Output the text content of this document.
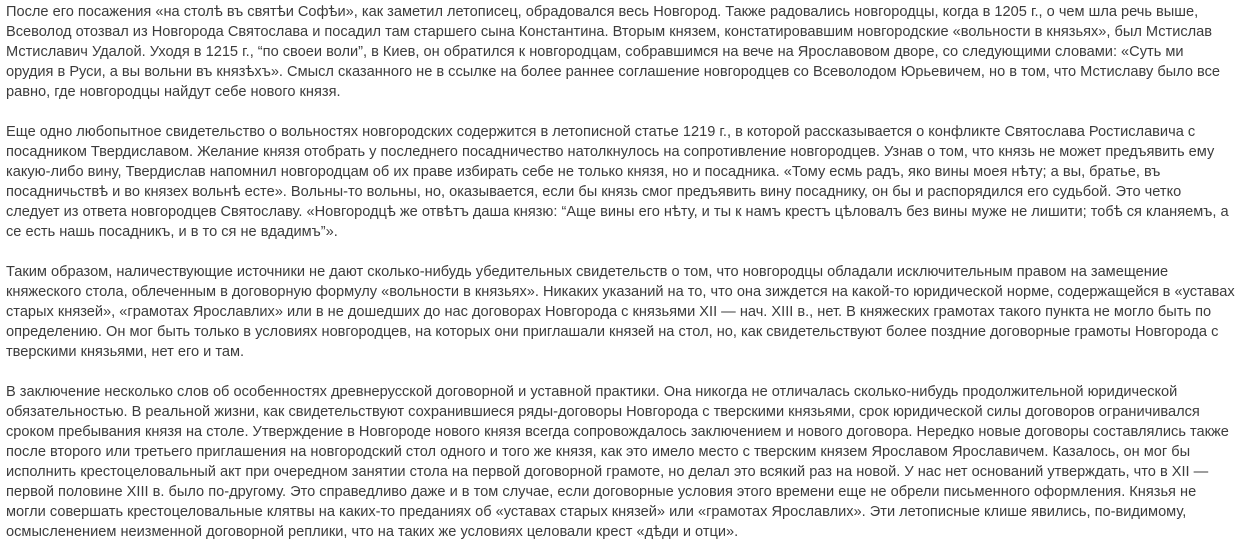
После его посажения «на столѣ въ святѣи Софѣи», как заметил летописец, обрадовался весь Новгород. Также радовались новгородцы, когда в 1205 г., о чем шла речь выше, Всеволод отозвал из Новгорода Святослава и посадил там старшего сына Константина. Вторым князем, констатировавшим новгородские «вольности в князьях», был Мстислав Мстиславич Удалой. Уходя в 1215 г., “по своеи воли”, в Киев, он обратился к новгородцам, собравшимся на вече на Ярославовом дворе, со следующими словами: «Суть ми орудия в Руси, а вы вольни въ князѣхъ». Смысл сказанного не в ссылке на более раннее соглашение новгородцев со Всеволодом Юрьевичем, но в том, что Мстиславу было все равно, где новгородцы найдут себе нового князя.

Еще одно любопытное свидетельство о вольностях новгородских содержится в летописной статье 1219 г., в которой рассказывается о конфликте Святослава Ростиславича с посадником Твердиславом. Желание князя отобрать у последнего посадничество натолкнулось на сопротивление новгородцев. Узнав о том, что князь не может предъявить ему какую-либо вину, Твердислав напомнил новгородцам об их праве избирать себе не только князя, но и посадника. «Тому есмь радъ, яко вины моея нѣту; а вы, братье, въ посадничьствѣ и во князех вольнѣ есте». Вольны-то вольны, но, оказывается, если бы князь смог предъявить вину посаднику, он бы и распорядился его судьбой. Это четко следует из ответа новгородцев Святославу. «Новгородцѣ же отвѣтъ даша князю: “Аще вины его нѣту, и ты к намъ крестъ цѣловалъ без вины муже не лишити; тобѣ ся кланяемъ, а се есть нашь посадникъ, и в то ся не вдадимъ”».

Таким образом, наличествующие источники не дают сколько-нибудь убедительных свидетельств о том, что новгородцы обладали исключительным правом на замещение княжеского стола, облеченным в договорную формулу «вольности в князьях». Никаких указаний на то, что она зиждется на какой-то юридической норме, содержащейся в «уставах старых князей», «грамотах Ярославлих» или в не дошедших до нас договорах Новгорода с князьями XII — нач. XIII в., нет. В княжеских грамотах такого пункта не могло быть по определению. Он мог быть только в условиях новгородцев, на которых они приглашали князей на стол, но, как свидетельствуют более поздние договорные грамоты Новгорода с тверскими князьями, нет его и там.

В заключение несколько слов об особенностях древнерусской договорной и уставной практики. Она никогда не отличалась сколько-нибудь продолжительной юридической обязательностью. В реальной жизни, как свидетельствуют сохранившиеся ряды-договоры Новгорода с тверскими князьями, срок юридической силы договоров ограничивался сроком пребывания князя на столе. Утверждение в Новгороде нового князя всегда сопровождалось заключением и нового договора. Нередко новые договоры составлялись также после второго или третьего приглашения на новгородский стол одного и того же князя, как это имело место с тверским князем Ярославом Ярославичем. Казалось, он мог бы исполнить крестоцеловальный акт при очередном занятии стола на первой договорной грамоте, но делал это всякий раз на новой. У нас нет оснований утверждать, что в XII — первой половине XIII в. было по-другому. Это справедливо даже и в том случае, если договорные условия этого времени еще не обрели письменного оформления. Князья не могли совершать крестоцеловальные клятвы на каких-то преданиях об «уставах старых князей» или «грамотах Ярославлих». Эти летописные клише явились, по-видимому, осмысленением неизменной договорной реплики, что на таких же условиях целовали крест «дѣди и отци».
